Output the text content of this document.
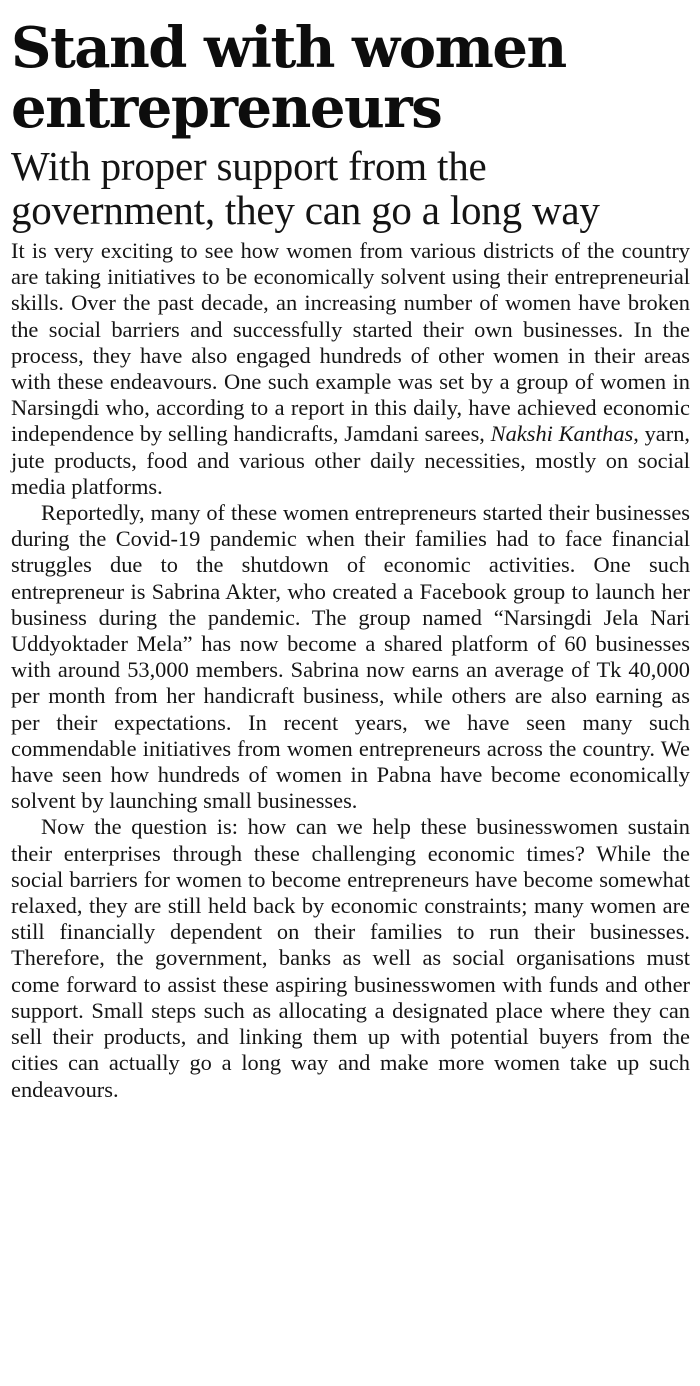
Stand with women entrepreneurs
With proper support from the government, they can go a long way

It is very exciting to see how women from various districts of the country are taking initiatives to be economically solvent using their entrepreneurial skills. Over the past decade, an increasing number of women have broken the social barriers and successfully started their own businesses. In the process, they have also engaged hundreds of other women in their areas with these endeavours. One such example was set by a group of women in Narsingdi who, according to a report in this daily, have achieved economic independence by selling handicrafts, Jamdani sarees, Nakshi Kanthas, yarn, jute products, food and various other daily necessities, mostly on social media platforms.

Reportedly, many of these women entrepreneurs started their businesses during the Covid-19 pandemic when their families had to face financial struggles due to the shutdown of economic activities. One such entrepreneur is Sabrina Akter, who created a Facebook group to launch her business during the pandemic. The group named “Narsingdi Jela Nari Uddyoktader Mela” has now become a shared platform of 60 businesses with around 53,000 members. Sabrina now earns an average of Tk 40,000 per month from her handicraft business, while others are also earning as per their expectations. In recent years, we have seen many such commendable initiatives from women entrepreneurs across the country. We have seen how hundreds of women in Pabna have become economically solvent by launching small businesses.

Now the question is: how can we help these businesswomen sustain their enterprises through these challenging economic times? While the social barriers for women to become entrepreneurs have become somewhat relaxed, they are still held back by economic constraints; many women are still financially dependent on their families to run their businesses. Therefore, the government, banks as well as social organisations must come forward to assist these aspiring businesswomen with funds and other support. Small steps such as allocating a designated place where they can sell their products, and linking them up with potential buyers from the cities can actually go a long way and make more women take up such endeavours.
